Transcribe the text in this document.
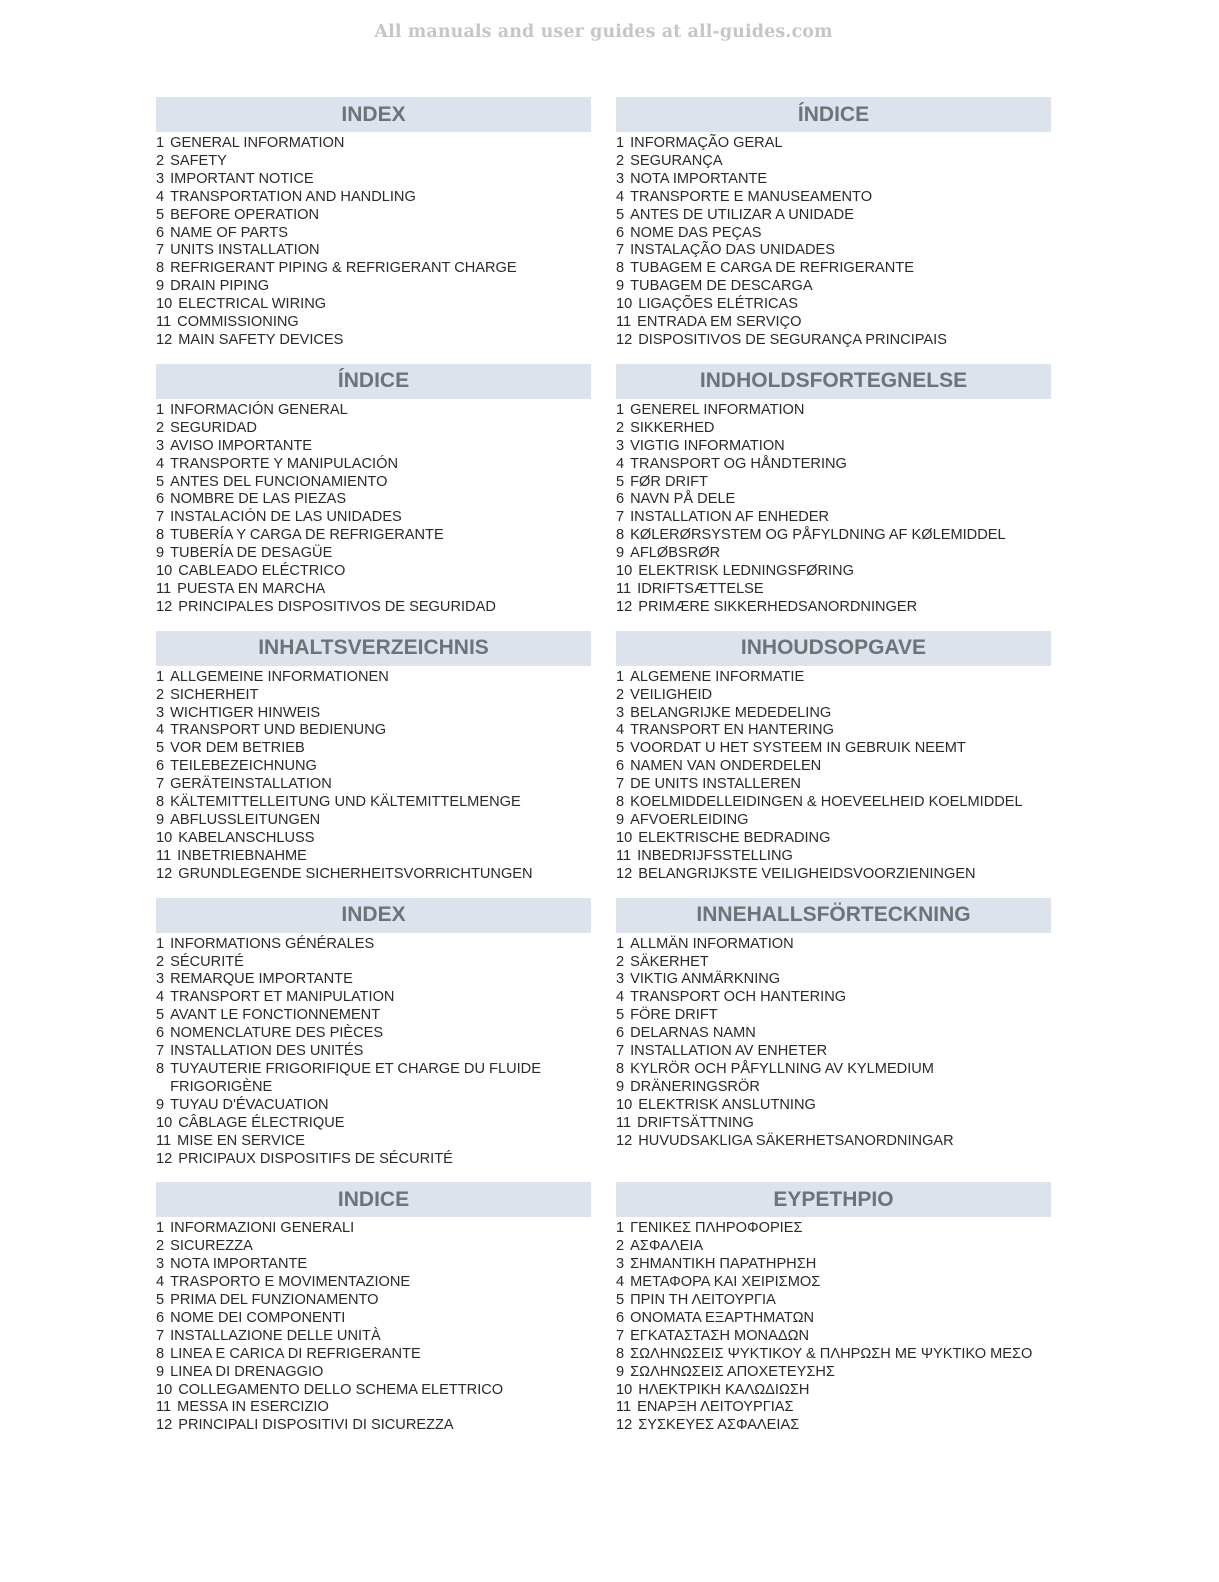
All manuals and user guides at all-guides.com
INDEX
1 GENERAL INFORMATION
2 SAFETY
3 IMPORTANT NOTICE
4 TRANSPORTATION AND HANDLING
5 BEFORE OPERATION
6 NAME OF PARTS
7 UNITS INSTALLATION
8 REFRIGERANT PIPING & REFRIGERANT CHARGE
9 DRAIN PIPING
10 ELECTRICAL WIRING
11 COMMISSIONING
12 MAIN SAFETY DEVICES
ÍNDICE
1 INFORMAÇÃO GERAL
2 SEGURANÇA
3 NOTA IMPORTANTE
4 TRANSPORTE E MANUSEAMENTO
5 ANTES DE UTILIZAR A UNIDADE
6 NOME DAS PEÇAS
7 INSTALAÇÃO DAS UNIDADES
8 TUBAGEM E CARGA DE REFRIGERANTE
9 TUBAGEM DE DESCARGA
10 LIGAÇÕES ELÉTRICAS
11 ENTRADA EM SERVIÇO
12 DISPOSITIVOS DE SEGURANÇA PRINCIPAIS
ÍNDICE
1 INFORMACIÓN GENERAL
2 SEGURIDAD
3 AVISO IMPORTANTE
4 TRANSPORTE Y MANIPULACIÓN
5 ANTES DEL FUNCIONAMIENTO
6 NOMBRE DE LAS PIEZAS
7 INSTALACIÓN DE LAS UNIDADES
8 TUBERÍA Y CARGA DE REFRIGERANTE
9 TUBERÍA DE DESAGÜE
10 CABLEADO ELÉCTRICO
11 PUESTA EN MARCHA
12 PRINCIPALES DISPOSITIVOS DE SEGURIDAD
INDHOLDSFORTEGNELSE
1 GENEREL INFORMATION
2 SIKKERHED
3 VIGTIG INFORMATION
4 TRANSPORT OG HÅNDTERING
5 FØR DRIFT
6 NAVN PÅ DELE
7 INSTALLATION AF ENHEDER
8 KØLERØRSYSTEM OG PÅFYLDNING AF KØLEMIDDEL
9 AFLØBSRØR
10 ELEKTRISK LEDNINGSFØRING
11 IDRIFTSÆTTELSE
12 PRIMÆRE SIKKERHEDSANORDNINGER
INHALTSVERZEICHNIS
1 ALLGEMEINE INFORMATIONEN
2 SICHERHEIT
3 WICHTIGER HINWEIS
4 TRANSPORT UND BEDIENUNG
5 VOR DEM BETRIEB
6 TEILEBEZEICHNUNG
7 GERÄTEINSTALLATION
8 KÄLTEMITTELLEITUNG UND KÄLTEMITTELMENGE
9 ABFLUSSLEITUNGEN
10 KABELANSCHLUSS
11 INBETRIEBNAHME
12 GRUNDLEGENDE SICHERHEITSVORRICHTUNGEN
INHOUDSOPGAVE
1 ALGEMENE INFORMATIE
2 VEILIGHEID
3 BELANGRIJKE MEDEDELING
4 TRANSPORT EN HANTERING
5 VOORDAT U HET SYSTEEM IN GEBRUIK NEEMT
6 NAMEN VAN ONDERDELEN
7 DE UNITS INSTALLEREN
8 KOELMIDDELLEIDINGEN & HOEVEELHEID KOELMIDDEL
9 AFVOERLEIDING
10 ELEKTRISCHE BEDRADING
11 INBEDRIJFSSTELLING
12 BELANGRIJKSTE VEILIGHEIDSVOORZIENINGEN
INDEX
1 INFORMATIONS GÉNÉRALES
2 SÉCURITÉ
3 REMARQUE IMPORTANTE
4 TRANSPORT ET MANIPULATION
5 AVANT LE FONCTIONNEMENT
6 NOMENCLATURE DES PIÈCES
7 INSTALLATION DES UNITÉS
8 TUYAUTERIE FRIGORIFIQUE ET CHARGE DU FLUIDE FRIGORIGÈNE
9 TUYAU D'ÉVACUATION
10 CÂBLAGE ÉLECTRIQUE
11 MISE EN SERVICE
12 PRICIPAUX DISPOSITIFS DE SÉCURITÉ
INNEHALLSFÖRTECKNING
1 ALLMÄN INFORMATION
2 SÄKERHET
3 VIKTIG ANMÄRKNING
4 TRANSPORT OCH HANTERING
5 FÖRE DRIFT
6 DELARNAS NAMN
7 INSTALLATION AV ENHETER
8 KYLRÖR OCH PÅFYLLNING AV KYLMEDIUM
9 DRÄNERINGSRÖR
10 ELEKTRISK ANSLUTNING
11 DRIFTSÄTTNING
12 HUVUDSAKLIGA SÄKERHETSANORDNINGAR
INDICE
1 INFORMAZIONI GENERALI
2 SICUREZZA
3 NOTA IMPORTANTE
4 TRASPORTO E MOVIMENTAZIONE
5 PRIMA DEL FUNZIONAMENTO
6 NOME DEI COMPONENTI
7 INSTALLAZIONE DELLE UNITÀ
8 LINEA E CARICA DI REFRIGERANTE
9 LINEA DI DRENAGGIO
10 COLLEGAMENTO DELLO SCHEMA ELETTRICO
11 MESSA IN ESERCIZIO
12 PRINCIPALI DISPOSITIVI DI SICUREZZA
ΕΥΡΕΤΗΡΙΟ
1 ΓΕΝΙΚΕΣ ΠΛΗΡΟΦΟΡΙΕΣ
2 ΑΣΦΑΛΕΙΑ
3 ΣΗΜΑΝΤΙΚΗ ΠΑΡΑΤΗΡΗΣΗ
4 ΜΕΤΑΦΟΡΑ ΚΑΙ ΧΕΙΡΙΣΜΟΣ
5 ΠΡΙΝ ΤΗ ΛΕΙΤΟΥΡΓΙΑ
6 ΟΝΟΜΑΤΑ ΕΞΑΡΤΗΜΑΤΩΝ
7 ΕΓΚΑΤΑΣΤΑΣΗ ΜΟΝΑΔΩΝ
8 ΣΩΛΗΝΩΣΕΙΣ ΨΥΚΤΙΚΟΥ & ΠΛΗΡΩΣΗ ΜΕ ΨΥΚΤΙΚΟ ΜΕΣΟ
9 ΣΩΛΗΝΩΣΕΙΣ ΑΠΟΧΕΤΕΥΣΗΣ
10 ΗΛΕΚΤΡΙΚΗ ΚΑΛΩΔΙΩΣΗ
11 ΕΝΑΡΞΗ ΛΕΙΤΟΥΡΓΙΑΣ
12 ΣΥΣΚΕΥΕΣ ΑΣΦΑΛΕΙΑΣ
